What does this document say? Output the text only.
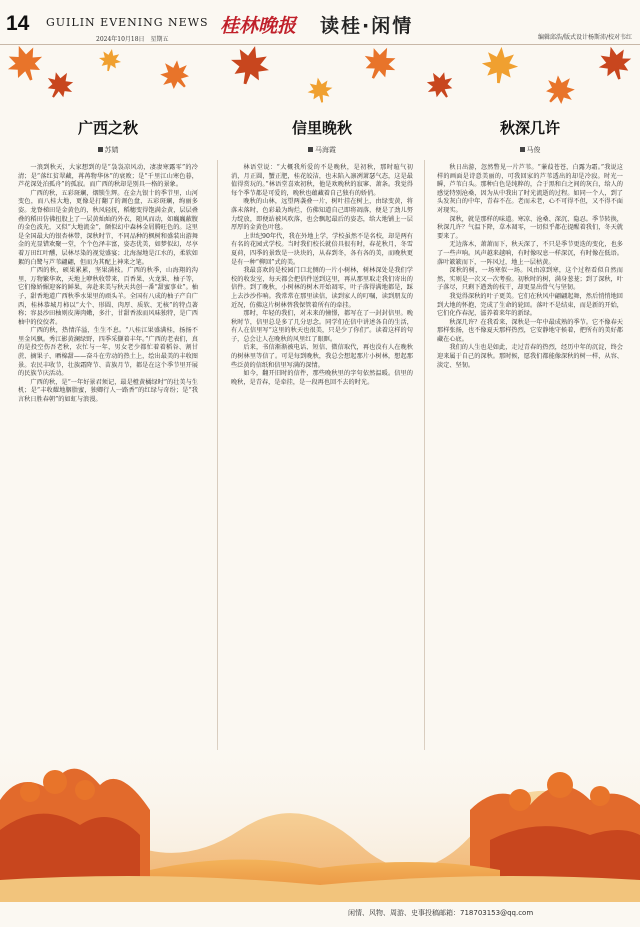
14 GUILIN EVENING NEWS
2024年10月18日　星期五
桂林晚报 读桂·闲情
编辑邱浩/版式设计杨斯沛/校对韦红
广西之秋
苏婧

一浪到秋天，大家想到的是“袅袅凉风动，凄凄寒露零”的冷清；是“落红贫翠藏，苒苒物华休”的衰败；是“千里江山寒色暮，芦花深处泊孤舟”的孤寂。而广西的秋却是别具一格的景象。

广西的秋，五彩斑斓，烟锁生辉。在金九银十的季节里，山河变色，而八桂大地，更像是打翻了的调色盘，五彩斑斓，绚丽多姿。龙脊梯田是金黄色的，秋风轻抚，稻穗变得饱满金黄，层层叠叠的稻田仿佛扭股上了一层黄灿灿的外衣，随风而动，如巍巍蔽腹的金色波光，又似“大地流金”，颇似幻中森林金屑腾旺色的。这里是全国最大的银杏林带，深秋时节，不同品种的枫树和盛装出游舞金的光显错欢聚一堂，个个色泽丰富，姿态优美，如梦似幻，尽享着万田红叶醺，层林尽染的视觉盛宴；北海湿地是江水的，柔软如絮的白鹭与芦苇翩翩，但而为其配上神来之笔。

广西的秋，硕果累累，坚果满枝。广西的秋季，山海翔的沟里，万物繁华欢，天地上咿秋收带来，百香果、火龙果、柚子等，它们像娇媚迎客的鲜果，奔赴来美与秋天共创一番“甜蜜事业”。柚子，甜香地道广西秋季水果里的顽头羊。全国有八成的柚子产自广西，桂林恭城月柿以“大个、形圆、肉厚、质软、无核”的特点著称；容县沙田柚则皮薄肉嫩，多汁，甘甜香浓而风味独特，是广西柚中的佼佼者。

广西的秋，热情洋溢，生生不息。“八桂江果盛满桂，扬扬不里金风飘。秀江影黄澜绿野，四季采撷着丰年。”广西的老表们，真的是投空伤吾老秋，农忙与一年，男女老少都忙着着稻谷、割甘蔗、摘果子、晒棉甜——奋斗在劳动的热土上，绘出最美的丰收图景。农民丰收节，壮族霜降节、苗族月节，都是在这个季节里开展的民族节庆活动。

广西的秋，是“一年好景君须记，最是橙黄橘绿时”的壮美与生机；是“丰收耀地胭脂蜜，独卿行人一路香”的红绿与奇纷；是“我言秋日胜春朝”的如虹与浪漫。

信里晚秋
马海霞

林语堂说：“大概我所爱的不是晚秋，是初秋，那时暄气初消，月正圆，蟹正肥，桂花皎洁，也未陷入凛冽萧瑟气态，这是最值得赏玩的。”林语堂喜欢初秋，他是欢晚秋的寂寥、萧条。我觉得每个季节都是可爱的，晚秋也蕴藏着自己独有的娇俏。

晚秋的山林，远望两袭叠一片，树叶挂在树上，由绿变黄，将落未落时，色彩最为绚烂，仿佛知道自己即将凋落，便是了劲儿努力绽放，即便站被风吹落，也会飘起最后的姿态，给大地铺上一层厚厚的金黄色叶毯。

上世纪90年代，我在外地上学，学校虽然不是名校，却是两有有名的花园式学校。当时我们校长就倍具很有时，春花秋月，冬雪夏荷，四季的景致是一块块的，从春到冬，各有各的美，而晚秋更是有一种“柳回”式的美。

我最喜欢的是校园门口北侧的一片小树林，树林深处是我们学校的收发室，每天都会把信件送到这里，再从那里取走我们寄出的信件。到了晚秋，小树林的树木开始凋零，叶子落得满地都是，踩上去沙沙作响。我常常在那里读信，读到家人的叮嘱，读到朋友的近况，仿佛这片树林替我保管着所有的牵挂。

那时，年轻的我们，对未来的憧憬，都写在了一封封信里。晚秋时节，信里总是多了几分思念。同学们在信中讲述各自的生活，有人在信里写“这里的秋天也很美，只是少了你们”。读着这样的句子，总会让人在晚秋的风里红了眼眶。

后来，书信渐渐被电话、短信、微信取代，再也没有人在晚秋的树林里等信了。可是每到晚秋，我总会想起那片小树林，想起那些泛黄的信纸和信里写满的深情。

如今，翻开旧时的信件，那些晚秋里的字句依然温暖。信里的晚秋，是青春，是牵挂，是一段再也回不去的时光。

秋深几许
马俊

秋日出游，忽然瞥见一片芦苇。“蒹葭苍苍，白露为霜。”我说这样的画面是诗意美丽的，可我回家的芦苇透出的却是冷寂。时光一瞬，芦苇白头。那种白色是纯粹的，合于黑和白之间的灰白，给人的感觉特别沧桑，因为从中我出了时光流逝的过程。如同一个人，到了头发灰白的中年，青春不在。老而未老，心不可得不但，又不得不面对现实。

深秋，就是那样的味道。寒凉、沧桑、深沉、隐忍。季节转换，秋深几许？气温下降，草木凋零，一切似乎都在提醒着我们，冬天就要来了。

无边落木，萧萧而下，秋天深了，不只是季节更迭的变化，也多了一些声响。风声越来越响，有时像叹息一样深沉，有时像在低语。落叶簌簌而下，一阵风过，地上一层枯黄。

深秋的树，一场寒似一场。风由凉到寒，这个过程看似自然而然，实则是一次又一次考验。初秋时的树，满身葱茏；到了深秋，叶子落尽，只剩下遒劲的枝干，却更显出骨气与坚韧。

我觉得深秋的叶子更美。它们在秋风中翩翩起舞，然后悄悄地回到大地的怀抱，完成了生命的轮回。落叶不是结束，而是新的开始，它们化作春泥，滋养着来年的新绿。

秋深几许？在我看来，深秋是一年中最成熟的季节。它不像春天那样张扬，也不像夏天那样热烈，它安静地守候着，把所有的美好都藏在心底。

我们的人生也是如此，走过青春的热烈，经历中年的沉淀，终会迎来属于自己的深秋。那时候，愿我们都能像深秋的树一样，从容、淡定、坚韧。

闲情、风物、周游、史事投稿邮箱：718703153@qq.com
